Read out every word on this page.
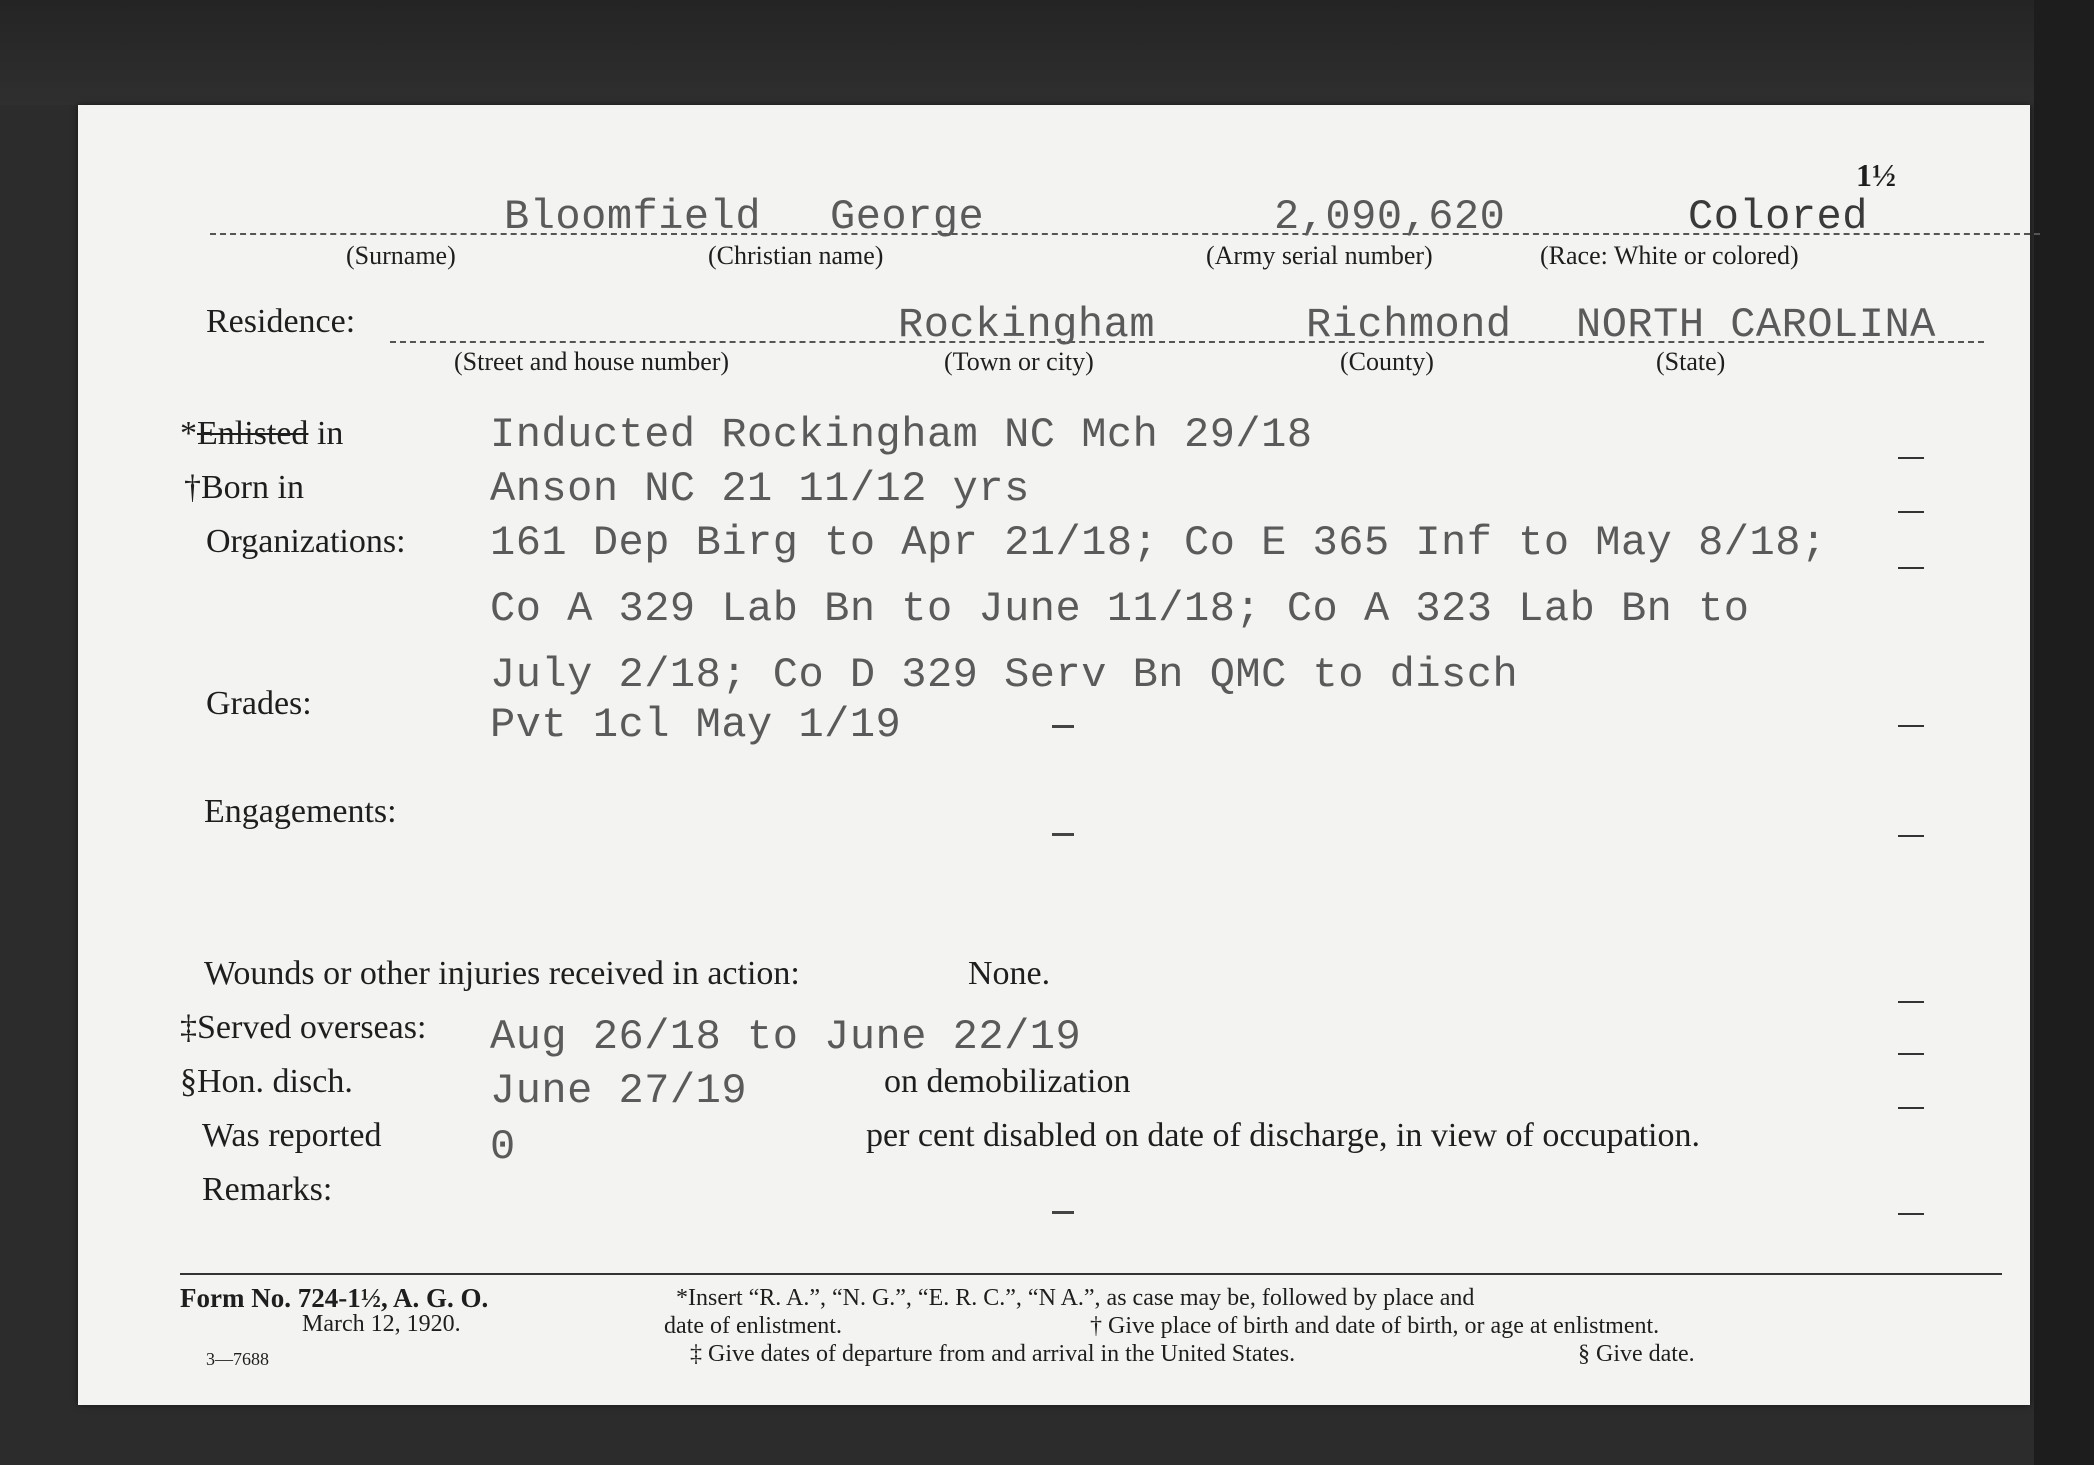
1½
Bloomfield George	2,090,620	Colored
(Surname)	(Christian name)	(Army serial number)	(Race: White or colored)
Residence:	Rockingham	Richmond NORTH CAROLINA
(Street and house number)	(Town or city)	(County)	(State)
*Enlisted in	Inducted Rockingham NC Mch 29/18
†Born in	Anson NC 21 11/12 yrs
Organizations: 161 Dep Birg to Apr 21/18; Co E 365 Inf to May 8/18;
Co A 329 Lab Bn to June 11/18; Co A 323 Lab Bn to
July 2/18; Co D 329 Serv Bn QMC to disch
Grades:	Pvt 1cl May 1/19
Engagements:
Wounds or other injuries received in action:	None.
‡Served overseas: Aug 26/18 to June 22/19
§Hon. disch.	June 27/19	on demobilization
Was reported	0	per cent disabled on date of discharge, in view of occupation.
Remarks:
Form No. 724-1½, A. G. O.
March 12, 1920.
3—7688
*Insert “R. A.”, “N. G.”, “E. R. C.”, “N A.”, as case may be, followed by place and
date of enlistment.	† Give place of birth and date of birth, or age at enlistment.
‡ Give dates of departure from and arrival in the United States.	§ Give date.
